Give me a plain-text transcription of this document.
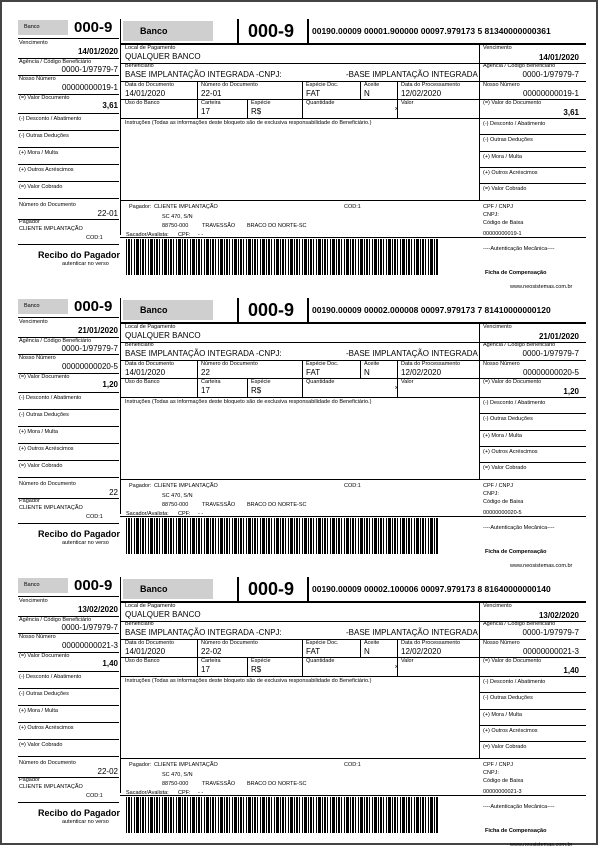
Banco 000-9
Vencimento
14/01/2020
Agência / Código Beneficiário
0000-1/97979-7
Nosso Número
00000000019-1
(=) Valor Documento
3,61
(-) Desconto / Abatimento
(-) Outras Deduções
(+) Mora / Multa
(+) Outros Acréscimos
(=) Valor Cobrado
Número do Documento
22-01
Pagador
CLIENTE IMPLANTAÇÃO
COD:1
Recibo do Pagador
autenticar no verso
Banco	000-9 00190.00009 00001.900000 00097.979173 5 81340000000361
Local de Pagamento
QUALQUER BANCO
Vencimento
14/01/2020
Beneficiário
BASE IMPLANTAÇÃO INTEGRADA -CNPJ:	-BASE IMPLANTAÇÃO INTEGRADA
Agência / Código Beneficiário
0000-1/97979-7
Data do Documento
14/01/2020
Número do Documento
22-01
Espécie Doc.
FAT
Aceite
N
Data do Processamento
12/02/2020
Nosso Número
00000000019-1
Uso do Banco	Carteira
17
Espécie
R$
Quantidade
x
Valor	(=) Valor do Documento
3,61
Instruções (Todas as informações deste bloqueto são de exclusiva responsabilidade do Beneficiário.)	(-) Desconto / Abatimento
(-) Outras Deduções
(+) Mora / Multa
(+) Outros Acréscimos
(=) Valor Cobrado
Pagador: CLIENTE IMPLANTAÇÃO	COD:1
SC 470, S/N
88750-000 TRAVESSÃO BRACO DO NORTE-SC
Sacador/Avalista: CPF: - -
CPF / CNPJ
CNPJ:
Código de Baixa
00000000019-1
----Autenticação Mecânica----
Ficha de Compensação
www.neosistemas.com.br
Banco 000-9
Vencimento
21/01/2020
Agência / Código Beneficiário
0000-1/97979-7
Nosso Número
00000000020-5
(=) Valor Documento
1,20
(-) Desconto / Abatimento
(-) Outras Deduções
(+) Mora / Multa
(+) Outros Acréscimos
(=) Valor Cobrado
Número do Documento
22
Pagador
CLIENTE IMPLANTAÇÃO
COD:1
Recibo do Pagador
autenticar no verso
Banco	000-9 00190.00009 00002.000008 00097.979173 7 81410000000120
Local de Pagamento
QUALQUER BANCO
Vencimento
21/01/2020
Beneficiário
BASE IMPLANTAÇÃO INTEGRADA -CNPJ:	-BASE IMPLANTAÇÃO INTEGRADA
Agência / Código Beneficiário
0000-1/97979-7
Data do Documento
14/01/2020
Número do Documento
22
Espécie Doc.
FAT
Aceite
N
Data do Processamento
12/02/2020
Nosso Número
00000000020-5
Uso do Banco	Carteira
17
Espécie
R$
Quantidade
x
Valor	(=) Valor do Documento
1,20
Instruções (Todas as informações deste bloqueto são de exclusiva responsabilidade do Beneficiário.)	(-) Desconto / Abatimento
(-) Outras Deduções
(+) Mora / Multa
(+) Outros Acréscimos
(=) Valor Cobrado
Pagador: CLIENTE IMPLANTAÇÃO	COD:1
SC 470, S/N
88750-000 TRAVESSÃO BRACO DO NORTE-SC
Sacador/Avalista: CPF: - -
CPF / CNPJ
CNPJ:
Código de Baixa
00000000020-5
----Autenticação Mecânica----
Ficha de Compensação
www.neosistemas.com.br
Banco 000-9
Vencimento
13/02/2020
Agência / Código Beneficiário
0000-1/97979-7
Nosso Número
00000000021-3
(=) Valor Documento
1,40
(-) Desconto / Abatimento
(-) Outras Deduções
(+) Mora / Multa
(+) Outros Acréscimos
(=) Valor Cobrado
Número do Documento
22-02
Pagador
CLIENTE IMPLANTAÇÃO
COD:1
Recibo do Pagador
autenticar no verso
Banco	000-9 00190.00009 00002.100006 00097.979173 8 81640000000140
Local de Pagamento
QUALQUER BANCO
Vencimento
13/02/2020
Beneficiário
BASE IMPLANTAÇÃO INTEGRADA -CNPJ:	-BASE IMPLANTAÇÃO INTEGRADA
Agência / Código Beneficiário
0000-1/97979-7
Data do Documento
14/01/2020
Número do Documento
22-02
Espécie Doc.
FAT
Aceite
N
Data do Processamento
12/02/2020
Nosso Número
00000000021-3
Uso do Banco	Carteira
17
Espécie
R$
Quantidade
x
Valor	(=) Valor do Documento
1,40
Instruções (Todas as informações deste bloqueto são de exclusiva responsabilidade do Beneficiário.)	(-) Desconto / Abatimento
(-) Outras Deduções
(+) Mora / Multa
(+) Outros Acréscimos
(=) Valor Cobrado
Pagador: CLIENTE IMPLANTAÇÃO	COD:1
SC 470, S/N
88750-000 TRAVESSÃO BRACO DO NORTE-SC
Sacador/Avalista: CPF: - -
CPF / CNPJ
CNPJ:
Código de Baixa
00000000021-3
----Autenticação Mecânica----
Ficha de Compensação
www.neosistemas.com.br
